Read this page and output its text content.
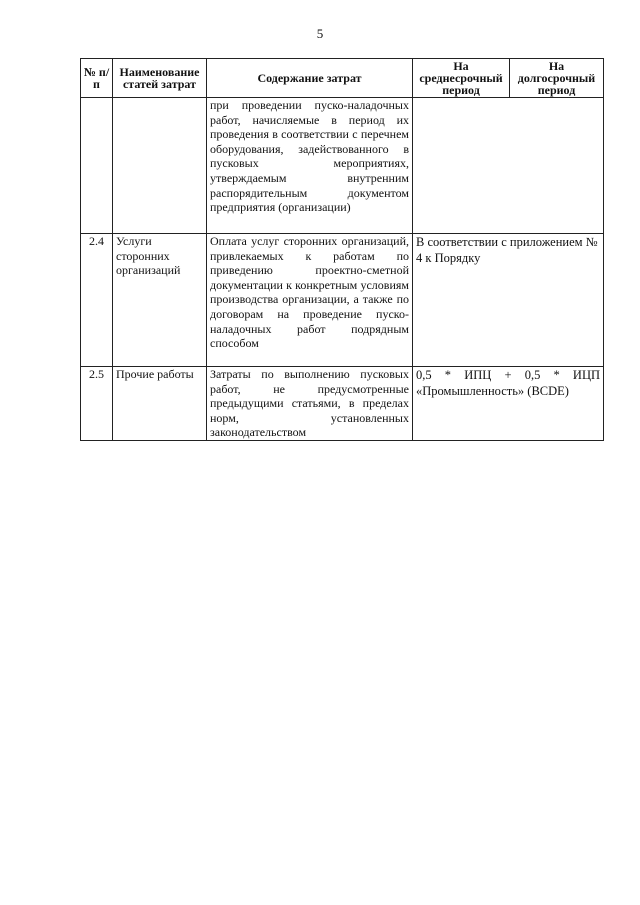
5
№ п/п	Наименование статей затрат	Содержание затрат	На среднесрочный период	На долгосрочный период
		при проведении пуско-наладочных работ, начисляемые в период их проведения в соответствии с перечнем оборудования, задействованного в пусковых мероприятиях, утверждаемым внутренним распорядительным документом предприятия (организации)		
2.4	Услуги сторонних организаций	Оплата услуг сторонних организаций, привлекаемых к работам по приведению проектно-сметной документации к конкретным условиям производства организации, а также по договорам на проведение пуско-наладочных работ подрядным способом	В соответствии с приложением № 4 к Порядку	
2.5	Прочие работы	Затраты по выполнению пусковых работ, не предусмотренные предыдущими статьями, в пределах норм, установленных законодательством	0,5 * ИПЦ + 0,5 * ИЦП «Промышленность» (BCDE)	
